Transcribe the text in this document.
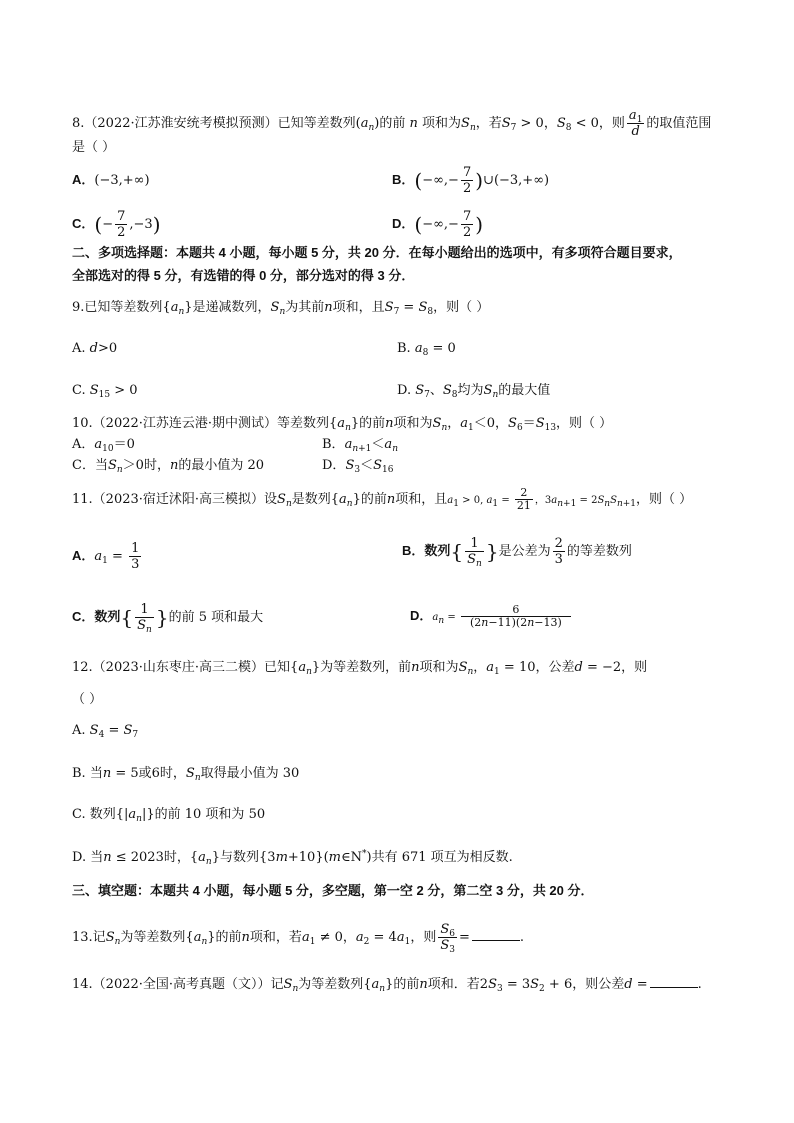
8.（2022·江苏淮安统考模拟预测）已知等差数列$(a_n)$的前 n 项和为$S_n$，若$S_7 > 0$，$S_8 < 0$，则 $\frac{a_1}{d}$ 的取值范围
是（ ）
A．(−3,+∞)	B．(−∞,− $\frac{7}{2}$ )∪(−3,+∞)
C．(− $\frac{7}{2} ,-3$)	D．(−∞,− $\frac{7}{2}$ )
二、多项选择题：本题共 4 小题，每小题 5 分，共 20 分．在每小题给出的选项中，有多项符合题目要求，
全部选对的得 5 分，有选错的得 0 分，部分选对的得 3 分．
9.已知等差数列$\{a_n\}$是递减数列，$S_n$为其前n项和，且$S_7 = S_8$，则（ ）
A. d>0	B. $a_8 = 0$
C. $S_{15} > 0$	D. $S_7$、$S_8$均为$S_n$的最大值
10.（2022·江苏连云港·期中测试）等差数列$\{a_n\}$的前n项和为$S_n$，$a_1<0$，$S_6=S_{13}$，则（ ）
A．$a_{10}=0$	B．$a_{n+1}<a_n$
C．当$S_n>0$时，n的最小值为 20	D．$S_3<S_{16}$
11.（2023·宿迁沭阳·高三模拟）设$S_n$是数列$\{a_n\}$的前n项和，且$a_1 > 0$, $a_1 = \frac{2}{21}$ ，$3a_{n+1} = 2S_nS_{n+1}$，则（ ）
A．$a_1 = \frac{1}{3}$	B．数列{ $\frac{1}{S_n}$ }是公差为 $\frac{2}{3}$ 的等差数列
C．数列{ $\frac{1}{S_n}$ }的前 5 项和最大	D．$a_n = \frac{6}{(2n-11)(2n-13)}$
12.（2023·山东枣庄·高三二模）已知$\{a_n\}$为等差数列，前n项和为$S_n$，$a_1 = 10$，公差d = −2，则
（ ）
A. $S_4 = S_7$
B. 当n = 5或6时，$S_n$取得最小值为 30
C. 数列$\{|a_n|\}$的前 10 项和为 50
D. 当n ≤ 2023时，$\{a_n\}$与数列{3m+10}(m∈N*)共有 671 项互为相反数.
三、填空题：本题共 4 小题，每小题 5 分，多空题，第一空 2 分，第二空 3 分，共 20 分．
13.记$S_n$为等差数列$\{a_n\}$的前n项和，若$a_1 \ne 0$，$a_2 = 4a_1$，则 $\frac{S_6}{S_3}$ =	.
14.（2022·全国·高考真题（文））记$S_n$为等差数列$\{a_n\}$的前n项和．若$2S_3 = 3S_2 + 6$，则公差d =	.
